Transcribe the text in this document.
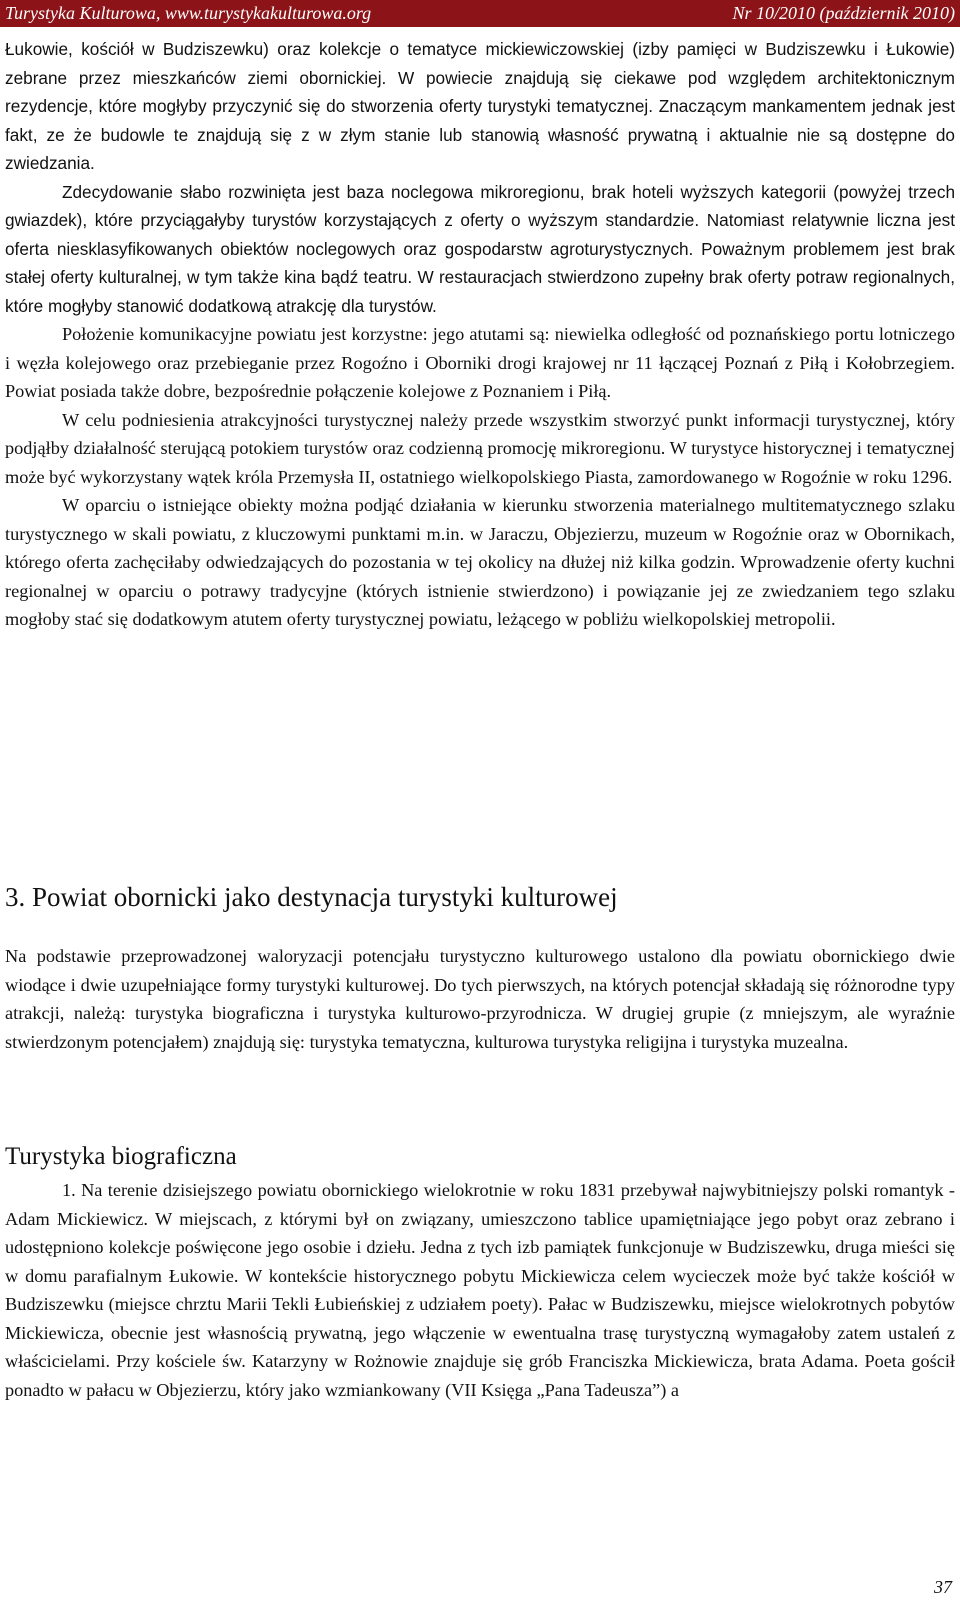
Turystyka Kulturowa, www.turystykakulturowa.org	Nr 10/2010 (październik 2010)

Łukowie, kościół w Budziszewku) oraz kolekcje o tematyce mickiewiczowskiej (izby pamięci w Budziszewku i Łukowie) zebrane przez mieszkańców ziemi obornickiej. W powiecie znajdują się ciekawe pod względem architektonicznym rezydencje, które mogłyby przyczynić się do stworzenia oferty turystyki tematycznej. Znaczącym mankamentem jednak jest fakt, ze że budowle te znajdują się z w złym stanie lub stanowią własność prywatną i aktualnie nie są dostępne do zwiedzania.

Zdecydowanie słabo rozwinięta jest baza noclegowa mikroregionu, brak hoteli wyższych kategorii (powyżej trzech gwiazdek), które przyciągałyby turystów korzystających z oferty o wyższym standardzie. Natomiast relatywnie liczna jest oferta niesklasyfikowanych obiektów noclegowych oraz gospodarstw agroturystycznych. Poważnym problemem jest brak stałej oferty kulturalnej, w tym także kina bądź teatru. W restauracjach stwierdzono zupełny brak oferty potraw regionalnych, które mogłyby stanowić dodatkową atrakcję dla turystów.

Położenie komunikacyjne powiatu jest korzystne: jego atutami są: niewielka odległość od poznańskiego portu lotniczego i węzła kolejowego oraz przebieganie przez Rogoźno i Oborniki drogi krajowej nr 11 łączącej Poznań z Piłą i Kołobrzegiem. Powiat posiada także dobre, bezpośrednie połączenie kolejowe z Poznaniem i Piłą.

W celu podniesienia atrakcyjności turystycznej należy przede wszystkim stworzyć punkt informacji turystycznej, który podjąłby działalność sterującą potokiem turystów oraz codzienną promocję mikroregionu. W turystyce historycznej i tematycznej może być wykorzystany wątek króla Przemysła II, ostatniego wielkopolskiego Piasta, zamordowanego w Rogoźnie w roku 1296.

W oparciu o istniejące obiekty można podjąć działania w kierunku stworzenia materialnego multitematycznego szlaku turystycznego w skali powiatu, z kluczowymi punktami m.in. w Jaraczu, Objezierzu, muzeum w Rogoźnie oraz w Obornikach, którego oferta zachęciłaby odwiedzających do pozostania w tej okolicy na dłużej niż kilka godzin. Wprowadzenie oferty kuchni regionalnej w oparciu o potrawy tradycyjne (których istnienie stwierdzono) i powiązanie jej ze zwiedzaniem tego szlaku mogłoby stać się dodatkowym atutem oferty turystycznej powiatu, leżącego w pobliżu wielkopolskiej metropolii.

3. Powiat obornicki jako destynacja turystyki kulturowej

Na podstawie przeprowadzonej waloryzacji potencjału turystyczno kulturowego ustalono dla powiatu obornickiego dwie wiodące i dwie uzupełniające formy turystyki kulturowej. Do tych pierwszych, na których potencjał składają się różnorodne typy atrakcji, należą: turystyka biograficzna i turystyka kulturowo-przyrodnicza. W drugiej grupie (z mniejszym, ale wyraźnie stwierdzonym potencjałem) znajdują się: turystyka tematyczna, kulturowa turystyka religijna i turystyka muzealna.

Turystyka biograficzna

1. Na terenie dzisiejszego powiatu obornickiego wielokrotnie w roku 1831 przebywał najwybitniejszy polski romantyk - Adam Mickiewicz. W miejscach, z którymi był on związany, umieszczono tablice upamiętniające jego pobyt oraz zebrano i udostępniono kolekcje poświęcone jego osobie i dziełu. Jedna z tych izb pamiątek funkcjonuje w Budziszewku, druga mieści się w domu parafialnym Łukowie. W kontekście historycznego pobytu Mickiewicza celem wycieczek może być także kościół w Budziszewku (miejsce chrztu Marii Tekli Łubieńskiej z udziałem poety). Pałac w Budziszewku, miejsce wielokrotnych pobytów Mickiewicza, obecnie jest własnością prywatną, jego włączenie w ewentualna trasę turystyczną wymagałoby zatem ustaleń z właścicielami. Przy kościele św. Katarzyny w Rożnowie znajduje się grób Franciszka Mickiewicza, brata Adama. Poeta gościł ponadto w pałacu w Objezierzu, który jako wzmiankowany (VII Księga „Pana Tadeusza”) a

37
